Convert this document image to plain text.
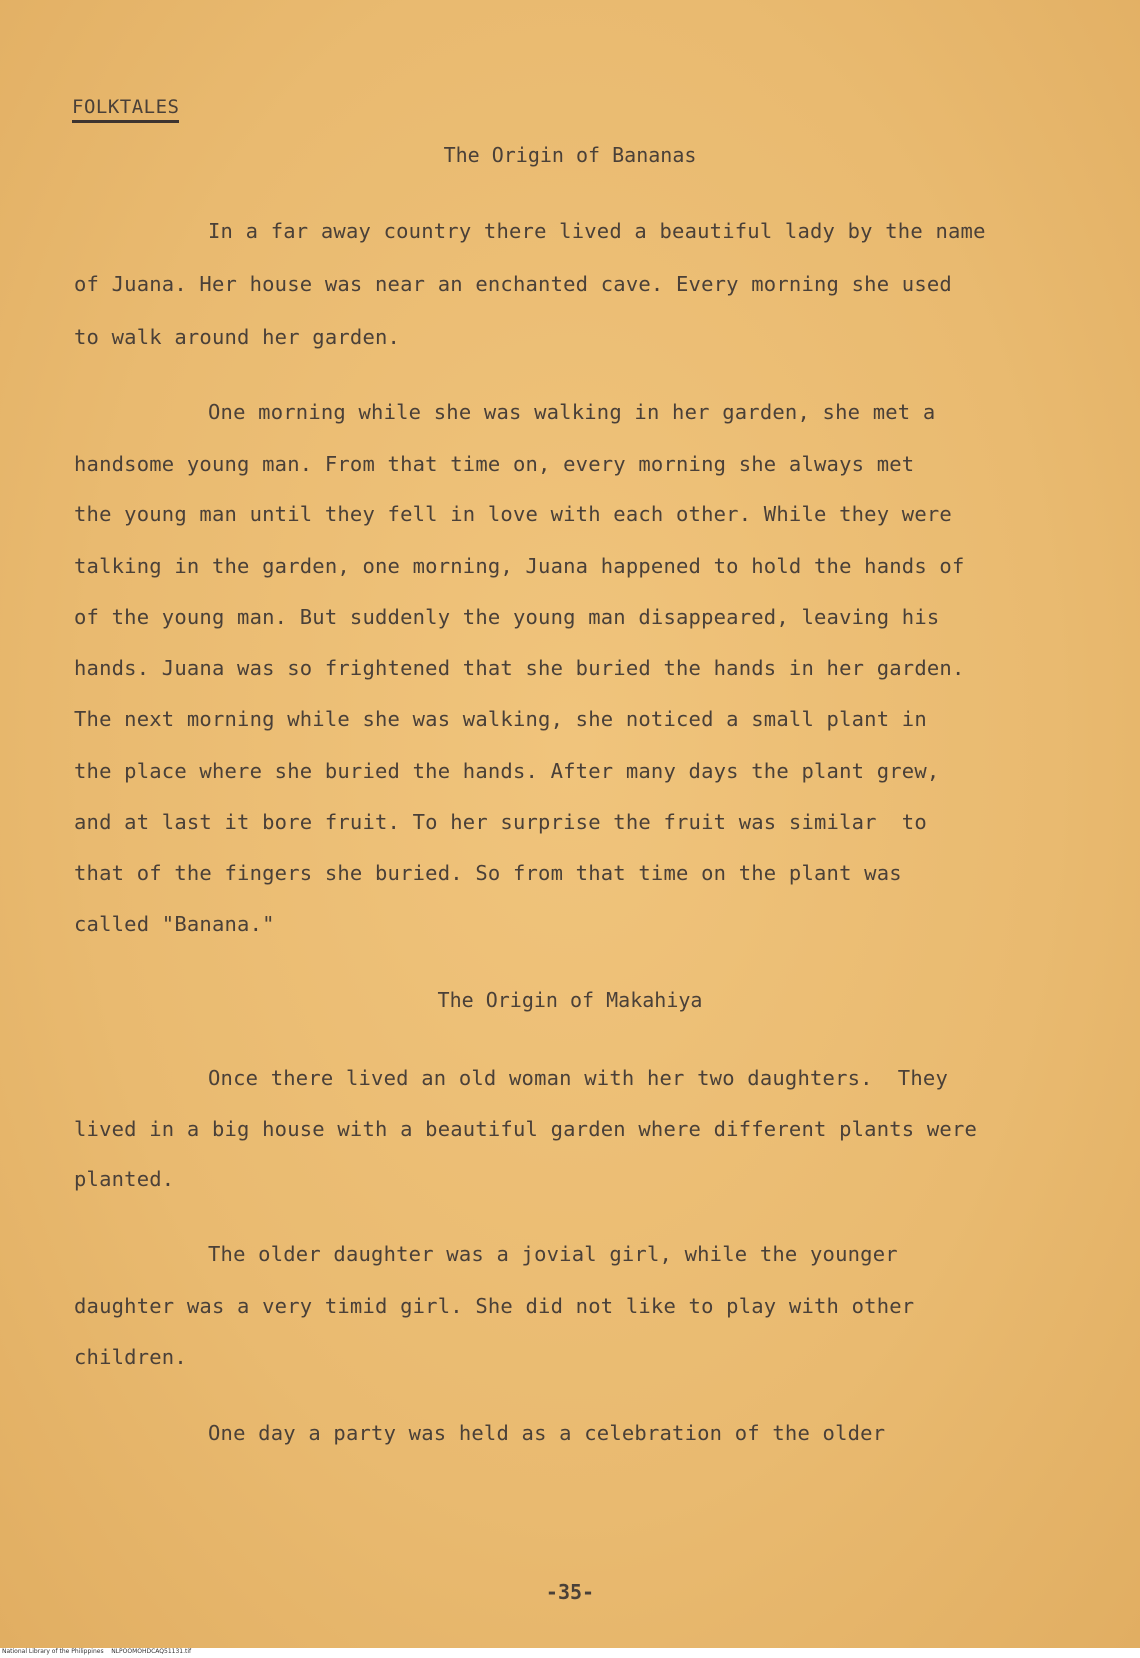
FOLKTALES
The Origin of Bananas
In a far away country there lived a beautiful lady by the name
of Juana. Her house was near an enchanted cave. Every morning she used
to walk around her garden.
One morning while she was walking in her garden, she met a
handsome young man. From that time on, every morning she always met
the young man until they fell in love with each other. While they were
talking in the garden, one morning, Juana happened to hold the hands of
of the young man. But suddenly the young man disappeared, leaving his
hands. Juana was so frightened that she buried the hands in her garden.
The next morning while she was walking, she noticed a small plant in
the place where she buried the hands. After many days the plant grew,
and at last it bore fruit. To her surprise the fruit was similar  to
that of the fingers she buried. So from that time on the plant was
called "Banana."
The Origin of Makahiya
Once there lived an old woman with her two daughters.  They
lived in a big house with a beautiful garden where different plants were
planted.
The older daughter was a jovial girl, while the younger
daughter was a very timid girl. She did not like to play with other
children.
One day a party was held as a celebration of the older
-35-
National Library of the Philippines    NLPOOMOHDCAQ51131.tif
